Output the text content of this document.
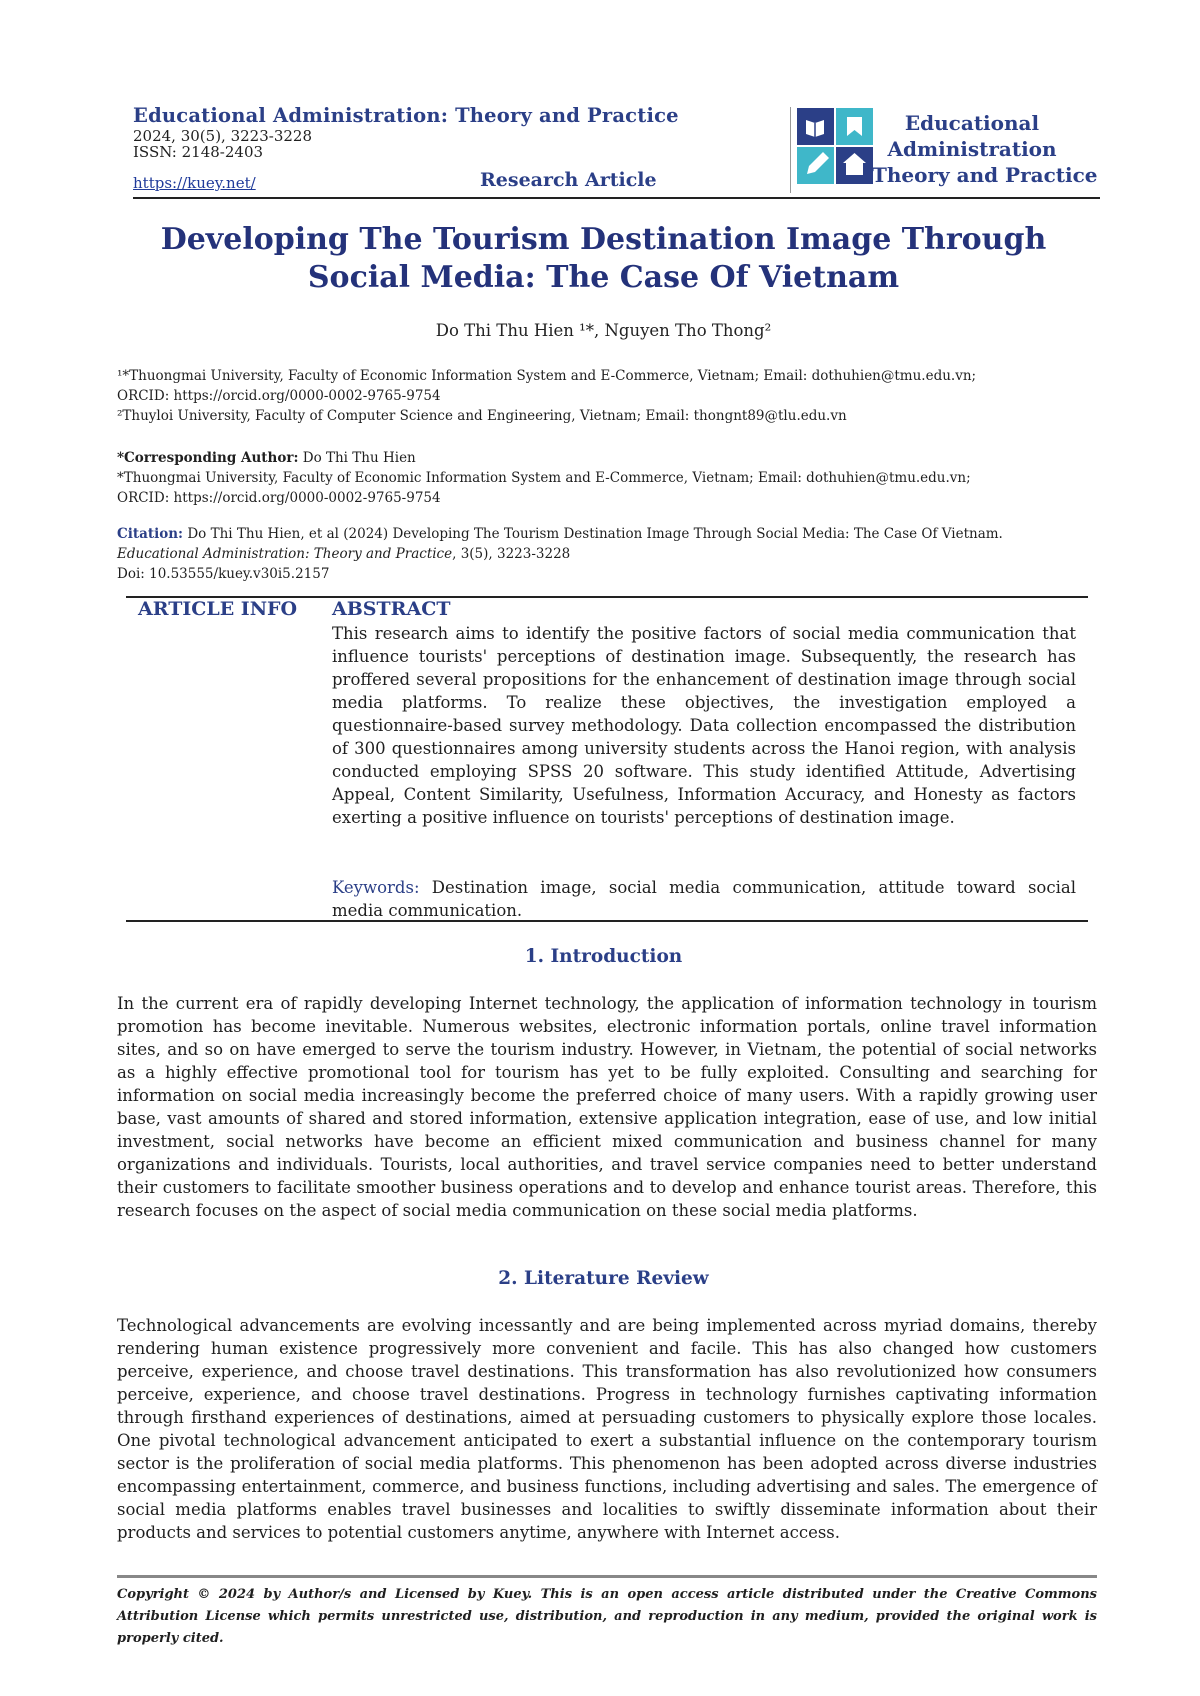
Educational Administration: Theory and Practice
2024, 30(5), 3223-3228
ISSN: 2148-2403
https://kuey.net/	Research Article
Educational
Administration
Theory and Practice
Developing The Tourism Destination Image Through
Social Media: The Case Of Vietnam
Do Thi Thu Hien ¹*, Nguyen Tho Thong²
¹*Thuongmai University, Faculty of Economic Information System and E-Commerce, Vietnam; Email: dothuhien@tmu.edu.vn;
ORCID: https://orcid.org/0000-0002-9765-9754
²Thuyloi University, Faculty of Computer Science and Engineering, Vietnam; Email: thongnt89@tlu.edu.vn
*Corresponding Author: Do Thi Thu Hien
*Thuongmai University, Faculty of Economic Information System and E-Commerce, Vietnam; Email: dothuhien@tmu.edu.vn;
ORCID: https://orcid.org/0000-0002-9765-9754
Citation: Do Thi Thu Hien, et al (2024) Developing The Tourism Destination Image Through Social Media: The Case Of Vietnam.
Educational Administration: Theory and Practice, 3(5), 3223-3228
Doi: 10.53555/kuey.v30i5.2157
ARTICLE INFO ABSTRACT
This research aims to identify the positive factors of social media communication that influence tourists' perceptions of destination image. Subsequently, the research has proffered several propositions for the enhancement of destination image through social media platforms. To realize these objectives, the investigation employed a questionnaire-based survey methodology. Data collection encompassed the distribution of 300 questionnaires among university students across the Hanoi region, with analysis conducted employing SPSS 20 software. This study identified Attitude, Advertising Appeal, Content Similarity, Usefulness, Information Accuracy, and Honesty as factors exerting a positive influence on tourists' perceptions of destination image.
Keywords: Destination image, social media communication, attitude toward social media communication.
1. Introduction
In the current era of rapidly developing Internet technology, the application of information technology in tourism promotion has become inevitable. Numerous websites, electronic information portals, online travel information sites, and so on have emerged to serve the tourism industry. However, in Vietnam, the potential of social networks as a highly effective promotional tool for tourism has yet to be fully exploited. Consulting and searching for information on social media increasingly become the preferred choice of many users. With a rapidly growing user base, vast amounts of shared and stored information, extensive application integration, ease of use, and low initial investment, social networks have become an efficient mixed communication and business channel for many organizations and individuals. Tourists, local authorities, and travel service companies need to better understand their customers to facilitate smoother business operations and to develop and enhance tourist areas. Therefore, this research focuses on the aspect of social media communication on these social media platforms.
2. Literature Review
Technological advancements are evolving incessantly and are being implemented across myriad domains, thereby rendering human existence progressively more convenient and facile. This has also changed how customers perceive, experience, and choose travel destinations. This transformation has also revolutionized how consumers perceive, experience, and choose travel destinations. Progress in technology furnishes captivating information through firsthand experiences of destinations, aimed at persuading customers to physically explore those locales. One pivotal technological advancement anticipated to exert a substantial influence on the contemporary tourism sector is the proliferation of social media platforms. This phenomenon has been adopted across diverse industries encompassing entertainment, commerce, and business functions, including advertising and sales. The emergence of social media platforms enables travel businesses and localities to swiftly disseminate information about their products and services to potential customers anytime, anywhere with Internet access.
Copyright © 2024 by Author/s and Licensed by Kuey. This is an open access article distributed under the Creative Commons Attribution License which permits unrestricted use, distribution, and reproduction in any medium, provided the original work is properly cited.
